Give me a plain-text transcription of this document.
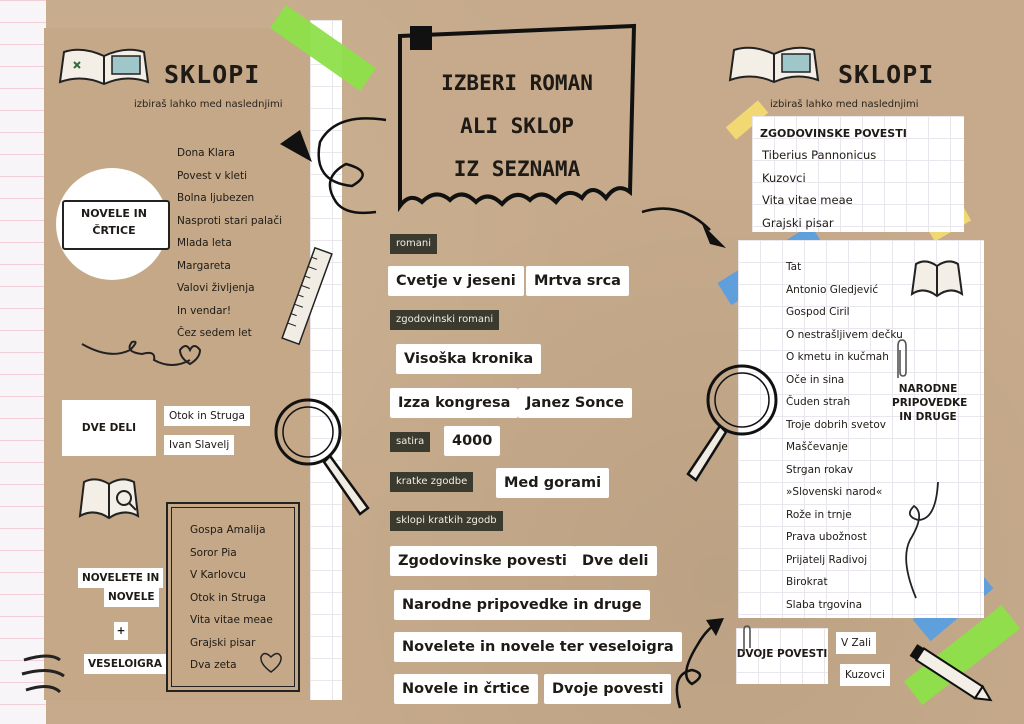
SKLOPI
izbiraš lahko med naslednjimi
NOVELE IN ČRTICE
Dona Klara
Povest v kleti
Bolna ljubezen
Nasproti stari palači
Mlada leta
Margareta
Valovi življenja
In vendar!
Čez sedem let
DVE DELI
Otok in Struga
Ivan Slavelj
NOVELETE IN
NOVELE
+
VESELOIGRA
Gospa Amalija
Soror Pia
V Karlovcu
Otok in Struga
Vita vitae meae
Grajski pisar
Dva zeta
IZBERI ROMAN
ALI SKLOP
IZ SEZNAMA
romani
Cvetje v jeseni	Mrtva srca
zgodovinski romani
Visoška kronika
Izza kongresa	Janez Sonce
satira	4000
kratke zgodbe	Med gorami
sklopi kratkih zgodb
Zgodovinske povesti	Dve deli
Narodne pripovedke in druge
Novelete in novele ter veseloigra
Novele in črtice	Dvoje povesti
SKLOPI
izbiraš lahko med naslednjimi
ZGODOVINSKE POVESTI
Tiberius Pannonicus
Kuzovci
Vita vitae meae
Grajski pisar
Tat
Antonio Gledjević
Gospod Ciril
O nestrašljivem dečku
O kmetu in kučmah
Oče in sina
Čuden strah
Troje dobrih svetov
Maščevanje
Strgan rokav
»Slovenski narod«
Rože in trnje
Prava ubožnost
Prijatelj Radivoj
Birokrat
Slaba trgovina
NARODNE PRIPOVEDKE IN DRUGE
DVOJE POVESTI
V Zali
Kuzovci
